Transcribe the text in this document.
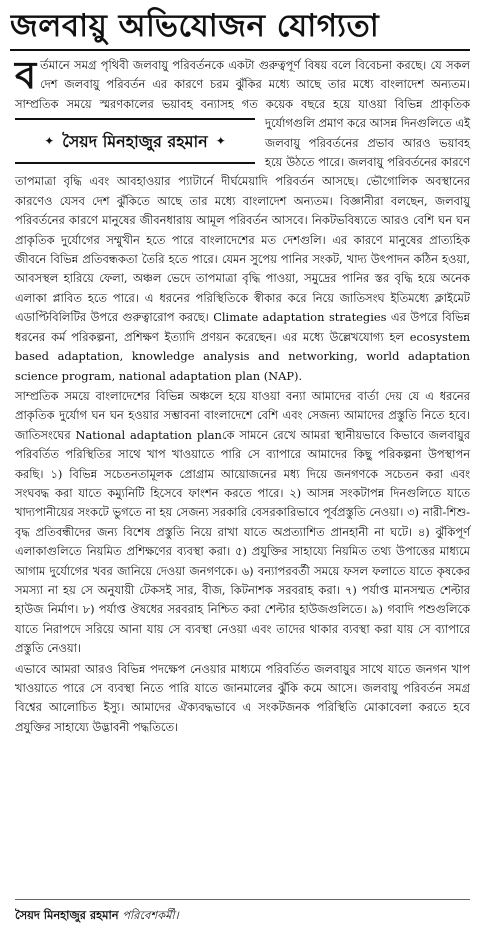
জলবায়ু অভিযোজন যোগ্যতা

বর্তমানে সমগ্র পৃথিবী জলবায়ু পরিবর্তনকে একটা গুরুত্বপূর্ণ বিষয় বলে বিবেচনা করছে। যে সকল দেশ জলবায়ু পরিবর্তন এর কারণে চরম ঝুঁকির মধ্যে আছে তার মধ্যে বাংলাদেশ অন্যতম। সাম্প্রতিক সময়ে স্মরণকালের ভয়াবহ বন্যাসহ গত কয়েক বছরে হয়ে যাওয়া বিভিন্ন প্রাকৃতিক দুর্যোগগুলি প্রমাণ করে আসন্ন
✦ সৈয়দ মিনহাজুর রহমান ✦
দিনগুলিতে এই জলবায়ু পরিবর্তনের প্রভাব আরও ভয়াবহ হয়ে উঠতে পারে। জলবায়ু পরিবর্তনের কারণে তাপমাত্রা বৃদ্ধি এবং আবহাওয়ার প্যাটার্নে দীর্ঘমেয়াদি পরিবর্তন আসছে। ভৌগোলিক অবস্থানের কারণেও যেসব দেশ ঝুঁকিতে আছে তার মধ্যে বাংলাদেশ অন্যতম। বিজ্ঞানীরা বলছেন, জলবায়ু পরিবর্তনের কারণে মানুষের জীবনধারায় আমূল পরিবর্তন আসবে। নিকটভবিষ্যতে আরও বেশি ঘন ঘন প্রাকৃতিক দুর্যোগের সম্মুখীন হতে পারে বাংলাদেশের মত দেশগুলি। এর কারণে মানুষের প্রাত্যহিক জীবনে বিভিন্ন প্রতিবন্ধকতা তৈরি হতে পারে। যেমন সুপেয় পানির সংকট, খাদ্য উৎপাদন কঠিন হওয়া, আবসস্থল হারিয়ে ফেলা, অঞ্চল ভেদে তাপমাত্রা বৃদ্ধি পাওয়া, সমুদ্রের পানির স্তর বৃদ্ধি হয়ে অনেক এলাকা প্লাবিত হতে পারে। এ ধরনের পরিস্থিতিকে স্বীকার করে নিয়ে জাতিসংঘ ইতিমধ্যে ক্লাইমেট এডাপ্টিবিলিটির উপরে গুরুত্বারোপ করছে। Climate adaptation strategies এর উপরে বিভিন্ন ধরনের কর্ম পরিকল্পনা, প্রশিক্ষণ ইত্যাদি প্রণয়ন করেছেন। এর মধ্যে উল্লেখযোগ্য হল ecosystem based adaptation, knowledge analysis and networking, world adaptation science program, national adaptation plan (NAP).

সাম্প্রতিক সময়ে বাংলাদেশের বিভিন্ন অঞ্চলে হয়ে যাওয়া বন্যা আমাদের বার্তা দেয় যে এ ধরনের প্রাকৃতিক দুর্যোগ ঘন ঘন হওয়ার সম্ভাবনা বাংলাদেশে বেশি এবং সেজন্য আমাদের প্রস্তুতি নিতে হবে। জাতিসংঘের National adaptation planকে সামনে রেখে আমরা স্থানীয়ভাবে কিভাবে জলবায়ুর পরিবর্তিত পরিস্থিতির সাথে খাপ খাওয়াতে পারি সে ব্যাপারে আমাদের কিছু পরিকল্পনা উপস্থাপন করছি। ১) বিভিন্ন সচেতনতামূলক প্রোগ্রাম আয়োজনের মধ্য দিয়ে জনগণকে সচেতন করা এবং সংঘবদ্ধ করা যাতে কম্যুনিটি হিসেবে ফাংশন করতে পারে। ২) আসন্ন সংকটাপন্ন দিনগুলিতে যাতে খাদ্যপানীয়ের সংকটে ভুগতে না হয় সেজন্য সরকারি বেসরকারিভাবে পূর্বপ্রস্তুতি নেওয়া। ৩) নারী-শিশু-বৃদ্ধ প্রতিবন্ধীদের জন্য বিশেষ প্রস্তুতি নিয়ে রাখা যাতে অপ্রত্যাশিত প্রানহানী না ঘটে। ৪) ঝুঁকিপূর্ণ এলাকাগুলিতে নিয়মিত প্রশিক্ষণের ব্যবস্থা করা। ৫) প্রযুক্তির সাহায্যে নিয়মিত তথ্য উপাত্তের মাধ্যমে আগাম দুর্যোগের খবর জানিয়ে দেওয়া জনগণকে। ৬) বন্যাপরবর্তী সময়ে ফসল ফলাতে যাতে কৃষকের সমস্যা না হয় সে অনুযায়ী টেকসই সার, বীজ, কিটনাশক সরবরাহ করা। ৭) পর্যাপ্ত মানসম্মত শেল্টার হাউজ নির্মাণ। ৮) পর্যাপ্ত ঔষধের সরবরাহ নিশ্চিত করা শেল্টার হাউজগুলিতে। ৯) গবাদি পশুগুলিকে যাতে নিরাপদে সরিয়ে আনা যায় সে ব্যবস্থা নেওয়া এবং তাদের থাকার ব্যবস্থা করা যায় সে ব্যাপারে প্রস্তুতি নেওয়া।

এভাবে আমরা আরও বিভিন্ন পদক্ষেপ নেওয়ার মাধ্যমে পরিবর্তিত জলবায়ুর সাথে যাতে জনগন খাপ খাওয়াতে পারে সে ব্যবস্থা নিতে পারি যাতে জানমালের ঝুঁকি কমে আসে। জলবায়ু পরিবর্তন সমগ্র বিশ্বের আলোচিত ইস্যু। আমাদের ঐক্যবদ্ধভাবে এ সংকটজনক পরিস্থিতি মোকাবেলা করতে হবে প্রযুক্তির সাহায্যে উদ্ভাবনী পদ্ধতিতে।

সৈয়দ মিনহাজুর রহমান পরিবেশকর্মী।
